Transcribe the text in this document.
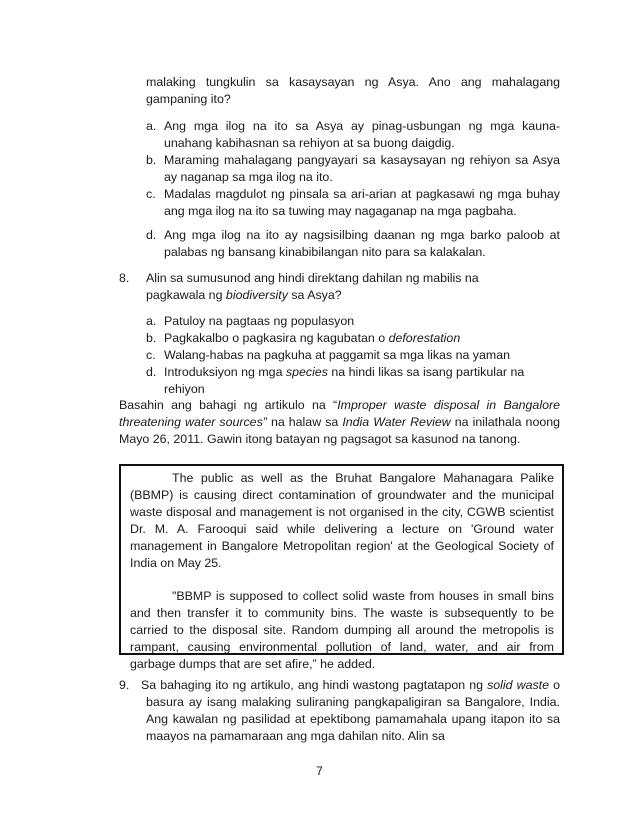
malaking tungkulin sa kasaysayan ng Asya. Ano ang mahalagang gampaning ito?

a. Ang mga ilog na ito sa Asya ay pinag-usbungan ng mga kauna-unahang kabihasnan sa rehiyon at sa buong daigdig.
b. Maraming mahalagang pangyayari sa kasaysayan ng rehiyon sa Asya ay naganap sa mga ilog na ito.
c. Madalas magdulot ng pinsala sa ari-arian at pagkasawi ng mga buhay ang mga ilog na ito sa tuwing may nagaganap na mga pagbaha.
d. Ang mga ilog na ito ay nagsisilbing daanan ng mga barko paloob at palabas ng bansang kinabibilangan nito para sa kalakalan.
8. Alin sa sumusunod ang hindi direktang dahilan ng mabilis na pagkawala ng biodiversity sa Asya?

a. Patuloy na pagtaas ng populasyon
b. Pagkakalbo o pagkasira ng kagubatan o deforestation
c. Walang-habas na pagkuha at paggamit sa mga likas na yaman
d. Introduksiyon ng mga species na hindi likas sa isang partikular na rehiyon

Basahin ang bahagi ng artikulo na “Improper waste disposal in Bangalore threatening water sources” na halaw sa India Water Review na inilathala noong Mayo 26, 2011. Gawin itong batayan ng pagsagot sa kasunod na tanong.

The public as well as the Bruhat Bangalore Mahanagara Palike (BBMP) is causing direct contamination of groundwater and the municipal waste disposal and management is not organised in the city, CGWB scientist Dr. M. A. Farooqui said while delivering a lecture on 'Ground water management in Bangalore Metropolitan region' at the Geological Society of India on May 25.

"BBMP is supposed to collect solid waste from houses in small bins and then transfer it to community bins. The waste is subsequently to be carried to the disposal site. Random dumping all around the metropolis is rampant, causing environmental pollution of land, water, and air from garbage dumps that are set afire,” he added.

9. Sa bahaging ito ng artikulo, ang hindi wastong pagtatapon ng solid waste o basura ay isang malaking suliraning pangkapaligiran sa Bangalore, India. Ang kawalan ng pasilidad at epektibong pamamahala upang itapon ito sa maayos na pamamaraan ang mga dahilan nito. Alin sa

7
